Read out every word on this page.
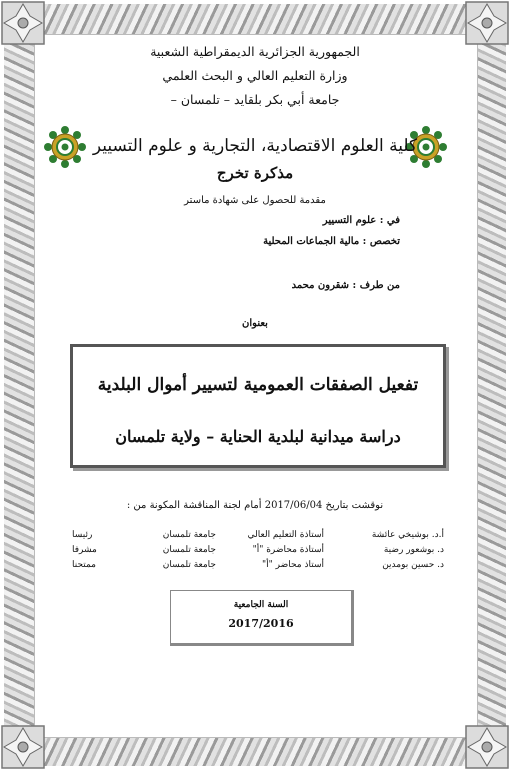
الجمهورية الجزائرية الديمقراطية الشعبية
وزارة التعليم العالي و البحث العلمي
جامعة أبي بكر بلقايد – تلمسان –
كلية العلوم الاقتصادية، التجارية و علوم التسيير
مذكرة تخرج
مقدمة للحصول على شهادة ماستر
في : علوم التسيير
تخصص : مالية الجماعات المحلية
من طرف : شقرون محمد
بعنوان
تفعيل الصفقات العمومية لتسيير أموال البلدية
دراسة ميدانية لبلدية الحناية – ولاية تلمسان
نوقشت بتاريخ 2017/06/04 أمام لجنة المناقشة المكونة من :
أ.د. بوشيخي عائشة
أستاذة التعليم العالي
جامعة تلمسان
رئيسا
د. بوشعور رضية
أستاذة محاضرة "أ"
جامعة تلمسان
مشرفا
د. حسين بومدين
أستاذ محاضر "أ"
جامعة تلمسان
ممتحنا
السنة الجامعية
2017/2016
